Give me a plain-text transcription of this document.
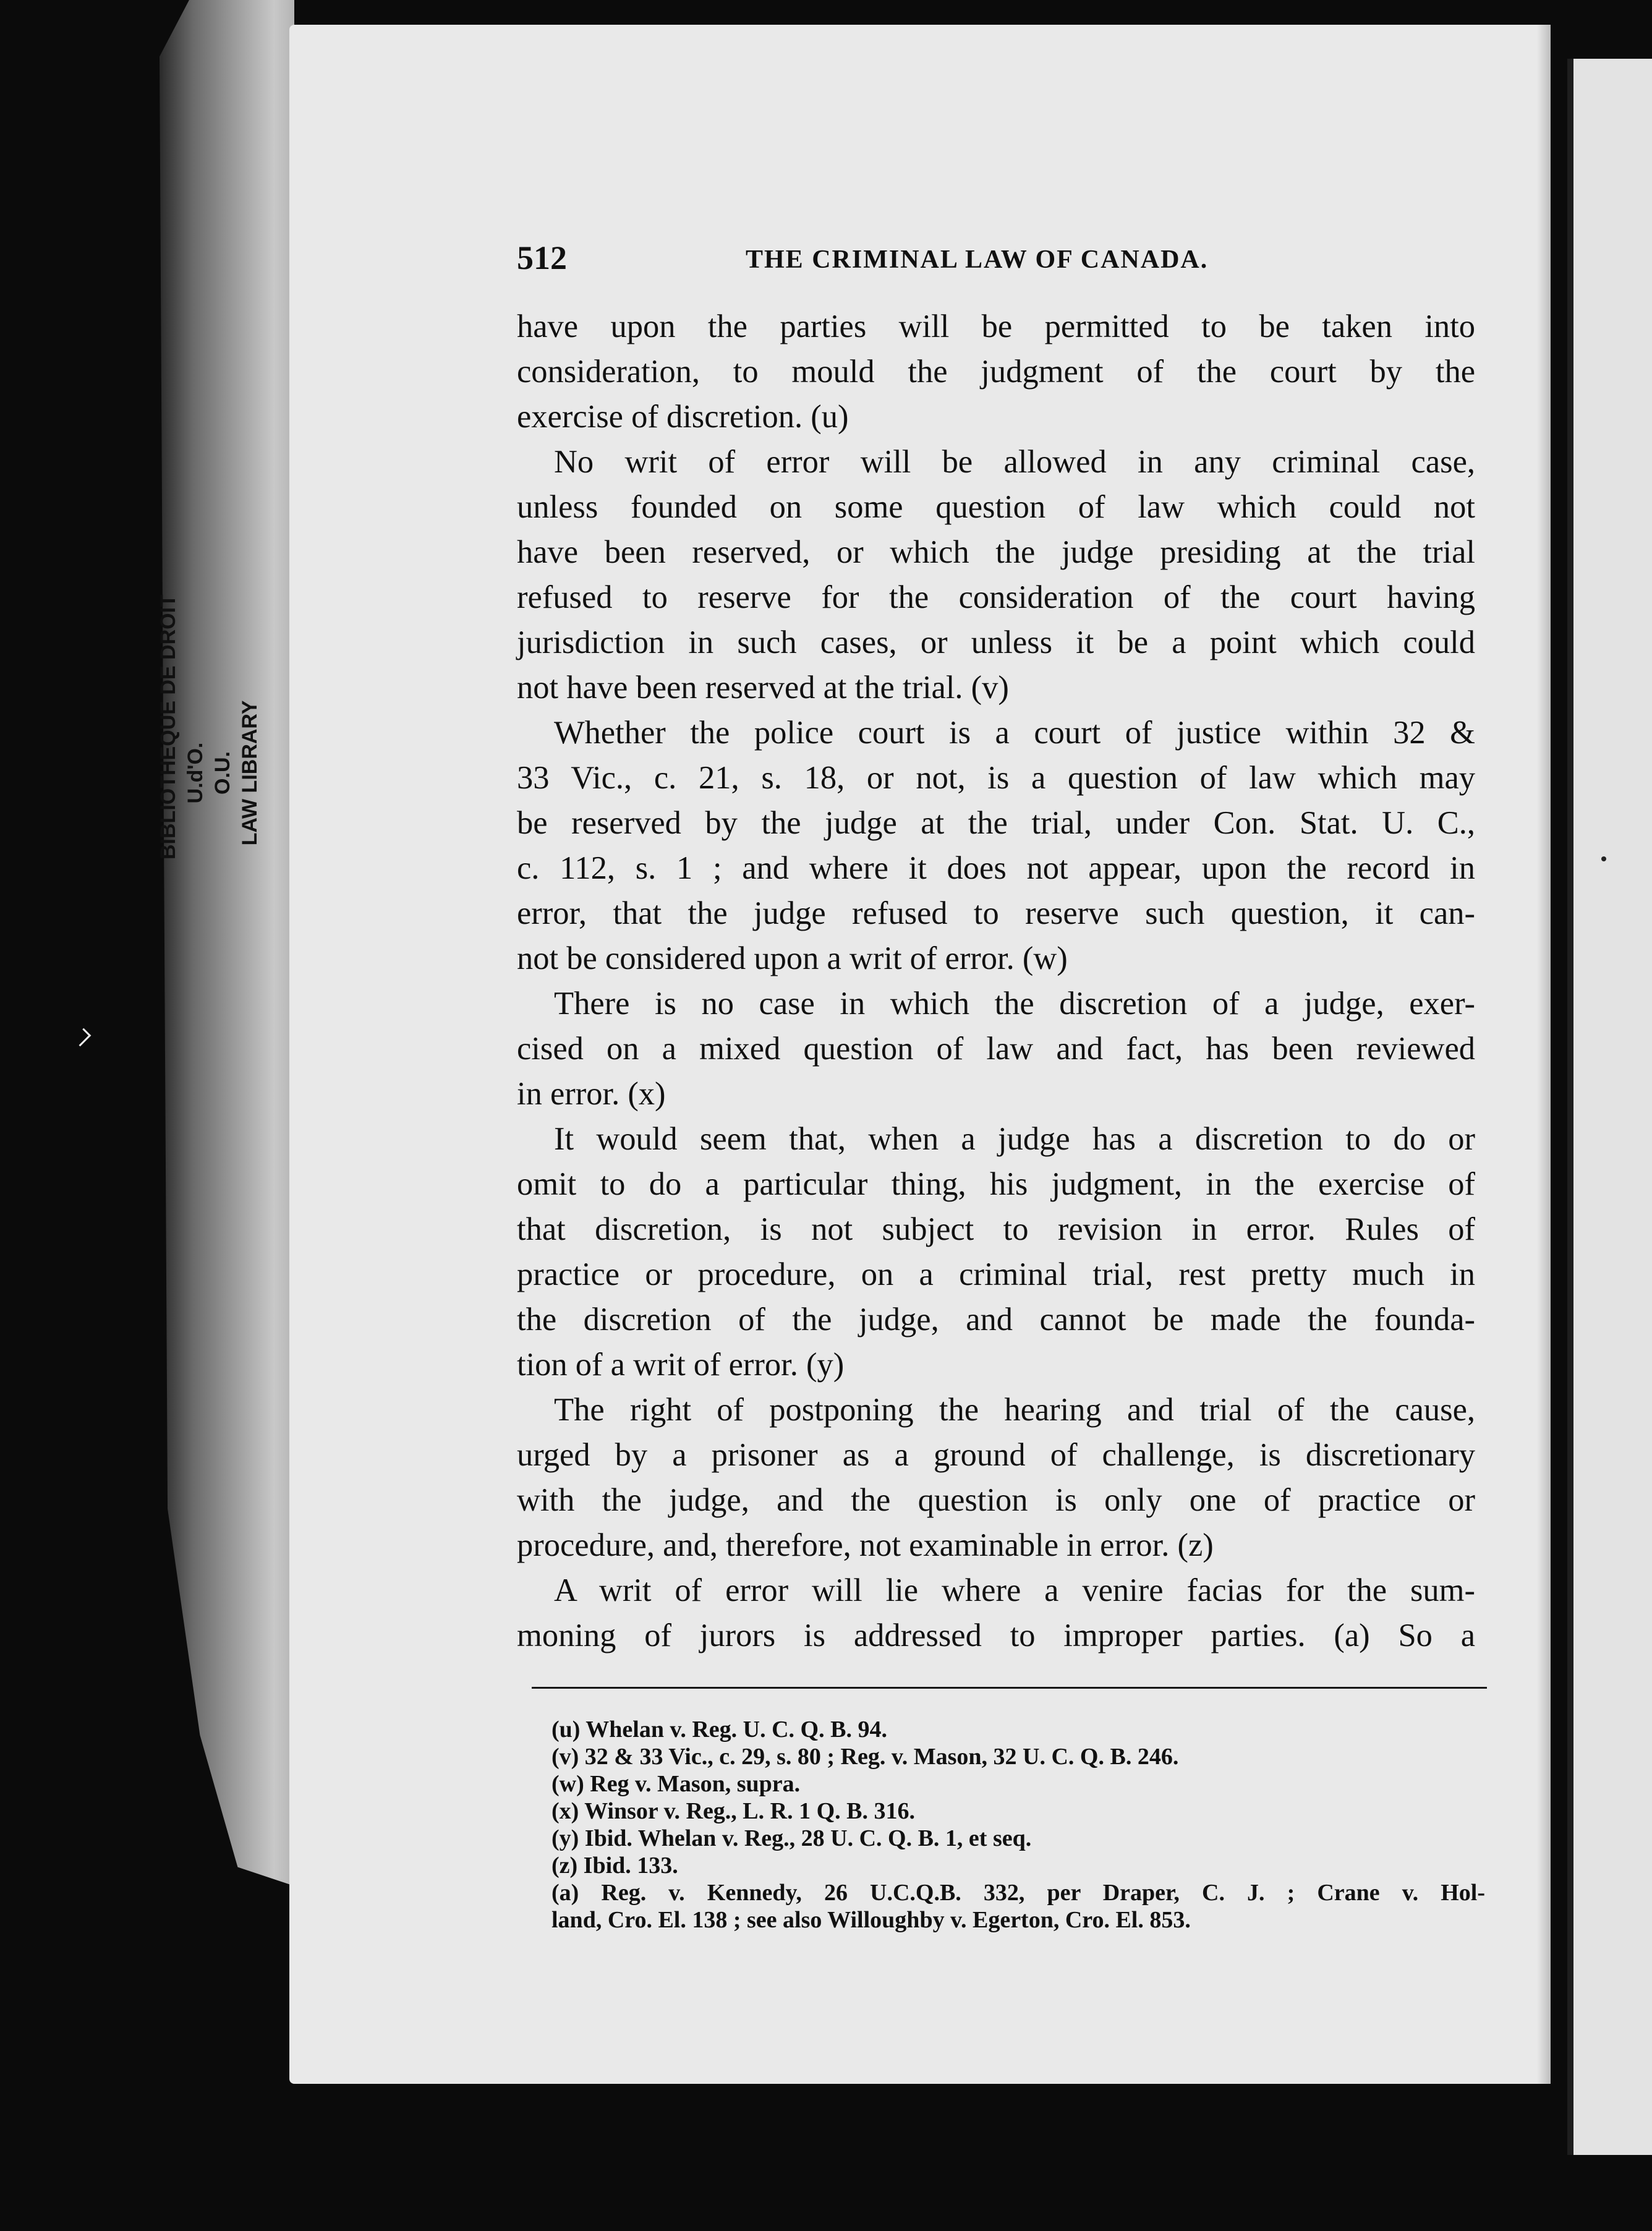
BIBLIOTHEQUE DE DROIT U.d'O. O.U. LAW LIBRARY
512	THE CRIMINAL LAW OF CANADA.
have upon the parties will be permitted to be taken into
consideration, to mould the judgment of the court by the
exercise of discretion. (u)
No writ of error will be allowed in any criminal case,
unless founded on some question of law which could not
have been reserved, or which the judge presiding at the trial
refused to reserve for the consideration of the court having
jurisdiction in such cases, or unless it be a point which could
not have been reserved at the trial. (v)
Whether the police court is a court of justice within 32 &
33 Vic., c. 21, s. 18, or not, is a question of law which may
be reserved by the judge at the trial, under Con. Stat. U. C.,
c. 112, s. 1 ; and where it does not appear, upon the record in
error, that the judge refused to reserve such question, it can-
not be considered upon a writ of error. (w)
There is no case in which the discretion of a judge, exer-
cised on a mixed question of law and fact, has been reviewed
in error. (x)
It would seem that, when a judge has a discretion to do or
omit to do a particular thing, his judgment, in the exercise of
that discretion, is not subject to revision in error. Rules of
practice or procedure, on a criminal trial, rest pretty much in
the discretion of the judge, and cannot be made the founda-
tion of a writ of error. (y)
The right of postponing the hearing and trial of the cause,
urged by a prisoner as a ground of challenge, is discretionary
with the judge, and the question is only one of practice or
procedure, and, therefore, not examinable in error. (z)
A writ of error will lie where a venire facias for the sum-
moning of jurors is addressed to improper parties. (a) So a
(u) Whelan v. Reg. U. C. Q. B. 94.
(v) 32 & 33 Vic., c. 29, s. 80 ; Reg. v. Mason, 32 U. C. Q. B. 246.
(w) Reg v. Mason, supra.
(x) Winsor v. Reg., L. R. 1 Q. B. 316.
(y) Ibid. Whelan v. Reg., 28 U. C. Q. B. 1, et seq.
(z) Ibid. 133.
(a) Reg. v. Kennedy, 26 U.C.Q.B. 332, per Draper, C. J. ; Crane v. Hol-
land, Cro. El. 138 ; see also Willoughby v. Egerton, Cro. El. 853.
